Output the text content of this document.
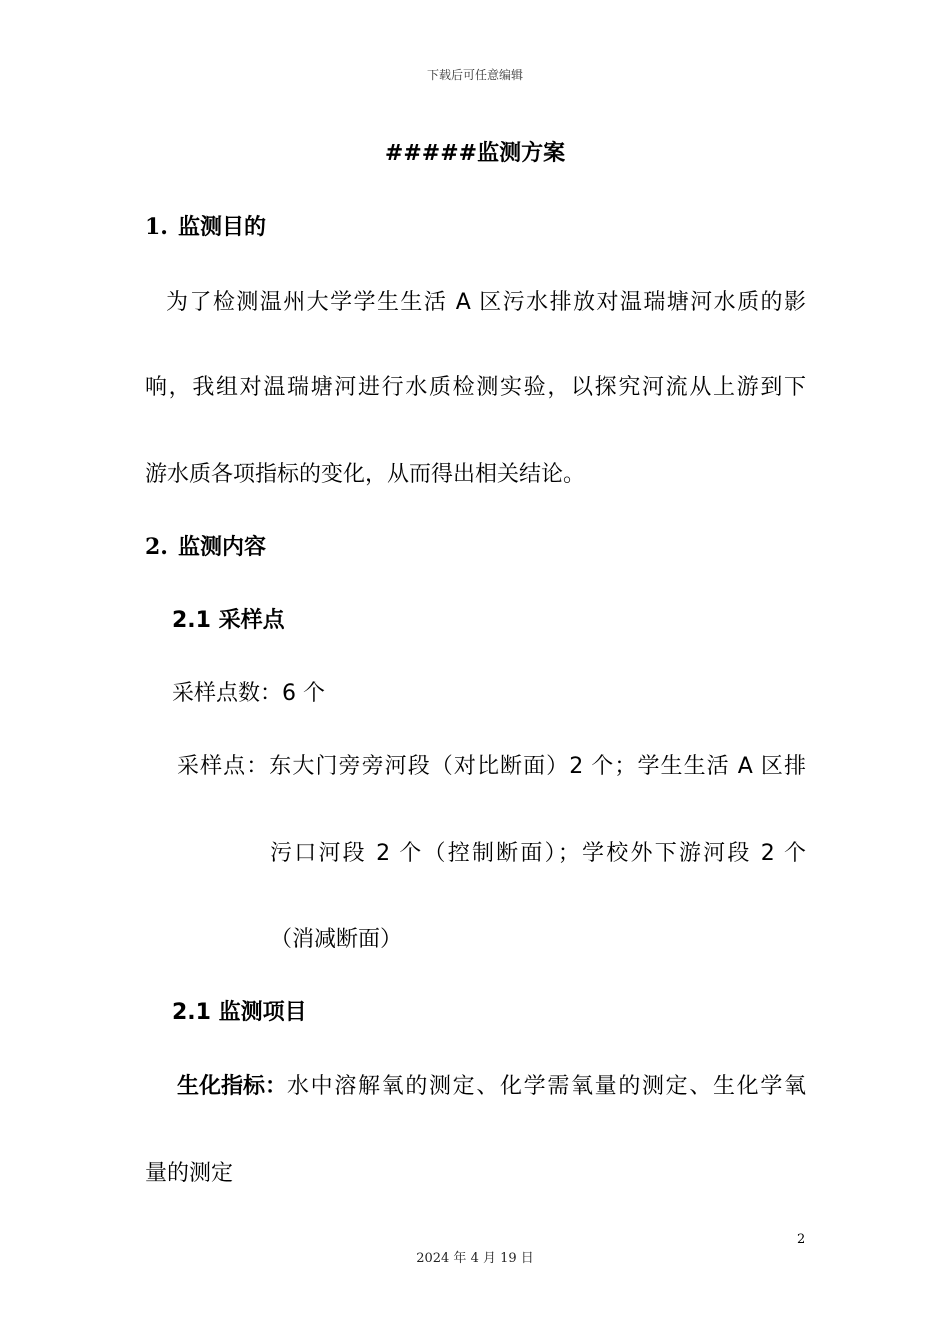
下载后可任意编辑
#####监测方案
1. 监测目的
为了检测温州大学学生生活 A 区污水排放对温瑞塘河水质的影
响，我组对温瑞塘河进行水质检测实验，以探究河流从上游到下
游水质各项指标的变化，从而得出相关结论。
2. 监测内容
2.1 采样点
采样点数：6 个
采样点：东大门旁旁河段（对比断面）2 个；学生生活 A 区排
污口河段 2 个（控制断面）；学校外下游河段 2 个
（消减断面）
2.1 监测项目
生化指标： 水中溶解氧的测定、化学需氧量的测定、生化学氧
量的测定
2
2024 年 4 月 19 日
